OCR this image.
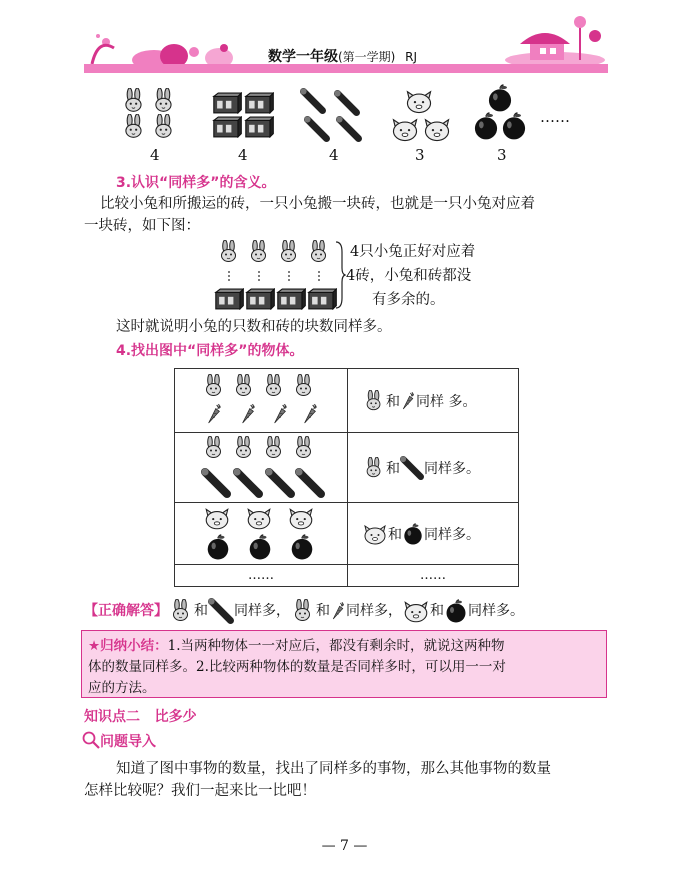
数学一年级(第一学期) RJ
……
4	4	4	3	3
3.认识“同样多”的含义。
比较小兔和所搬运的砖，一只小兔搬一块砖，也就是一只小兔对应着
一块砖，如下图：
4只小兔正好对应着
4砖，小兔和砖都没
有多余的。
这时就说明小兔的只数和砖的块数同样多。
4.找出图中“同样多”的物体。

和 同样 多。

和 同样多。

和 同样多。

……	……
【正确解答】 和 同样多， 和 同样多， 和 同样多。
★归纳小结：1.当两种物体一一对应后，都没有剩余时，就说这两种物
体的数量同样多。2.比较两种物体的数量是否同样多时，可以用一一对
应的方法。
知识点二 比多少
问题导入
知道了图中事物的数量，找出了同样多的事物，那么其他事物的数量
怎样比较呢？我们一起来比一比吧！
— 7 —
